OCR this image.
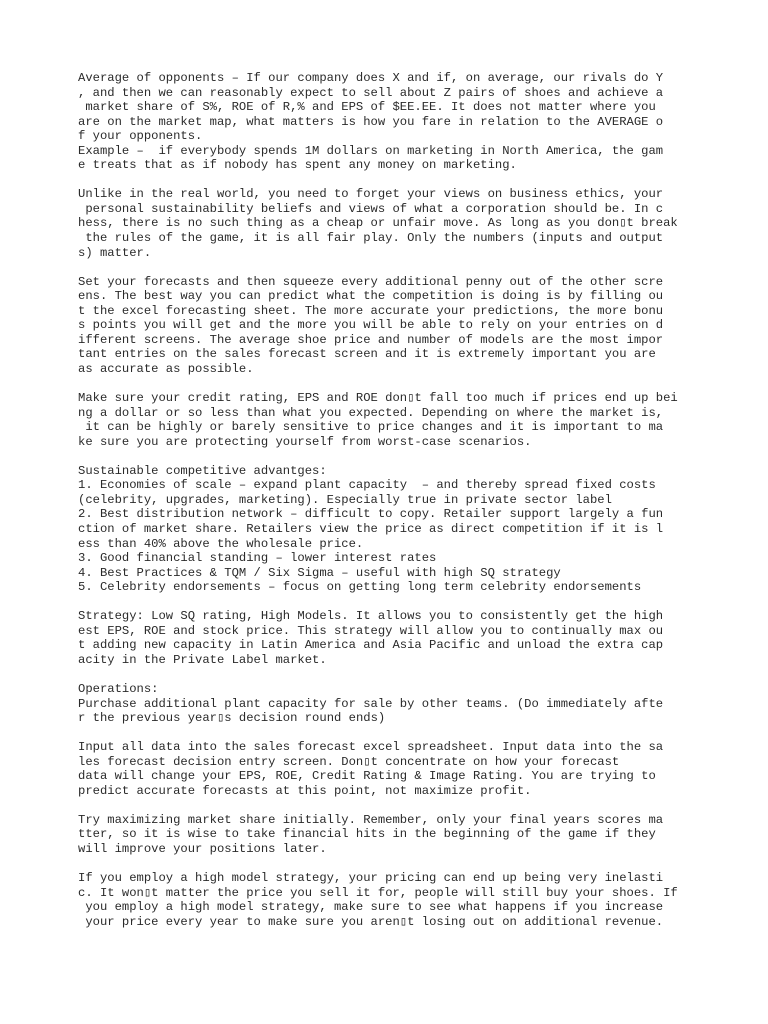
Average of opponents – If our company does X and if, on average, our rivals do Y
, and then we can reasonably expect to sell about Z pairs of shoes and achieve a
market share of S%, ROE of R,% and EPS of $EE.EE. It does not matter where you
are on the market map, what matters is how you fare in relation to the AVERAGE o
f your opponents.
Example –  if everybody spends 1M dollars on marketing in North America, the gam
e treats that as if nobody has spent any money on marketing.
Unlike in the real world, you need to forget your views on business ethics, your
personal sustainability beliefs and views of what a corporation should be. In c
hess, there is no such thing as a cheap or unfair move. As long as you don▯t break
the rules of the game, it is all fair play. Only the numbers (inputs and output
s) matter.
Set your forecasts and then squeeze every additional penny out of the other scre
ens. The best way you can predict what the competition is doing is by filling ou
t the excel forecasting sheet. The more accurate your predictions, the more bonu
s points you will get and the more you will be able to rely on your entries on d
ifferent screens. The average shoe price and number of models are the most impor
tant entries on the sales forecast screen and it is extremely important you are
as accurate as possible.
Make sure your credit rating, EPS and ROE don▯t fall too much if prices end up bei
ng a dollar or so less than what you expected. Depending on where the market is,
it can be highly or barely sensitive to price changes and it is important to ma
ke sure you are protecting yourself from worst-case scenarios.
Sustainable competitive advantges:
1. Economies of scale – expand plant capacity  – and thereby spread fixed costs
(celebrity, upgrades, marketing). Especially true in private sector label
2. Best distribution network – difficult to copy. Retailer support largely a fun
ction of market share. Retailers view the price as direct competition if it is l
ess than 40% above the wholesale price.
3. Good financial standing – lower interest rates
4. Best Practices & TQM / Six Sigma – useful with high SQ strategy
5. Celebrity endorsements – focus on getting long term celebrity endorsements
Strategy: Low SQ rating, High Models. It allows you to consistently get the high
est EPS, ROE and stock price. This strategy will allow you to continually max ou
t adding new capacity in Latin America and Asia Pacific and unload the extra cap
acity in the Private Label market.
Operations:
Purchase additional plant capacity for sale by other teams. (Do immediately afte
r the previous year▯s decision round ends)
Input all data into the sales forecast excel spreadsheet. Input data into the sa
les forecast decision entry screen. Don▯t concentrate on how your forecast
data will change your EPS, ROE, Credit Rating & Image Rating. You are trying to
predict accurate forecasts at this point, not maximize profit.
Try maximizing market share initially. Remember, only your final years scores ma
tter, so it is wise to take financial hits in the beginning of the game if they
will improve your positions later.
If you employ a high model strategy, your pricing can end up being very inelasti
c. It won▯t matter the price you sell it for, people will still buy your shoes. If
you employ a high model strategy, make sure to see what happens if you increase
your price every year to make sure you aren▯t losing out on additional revenue.
